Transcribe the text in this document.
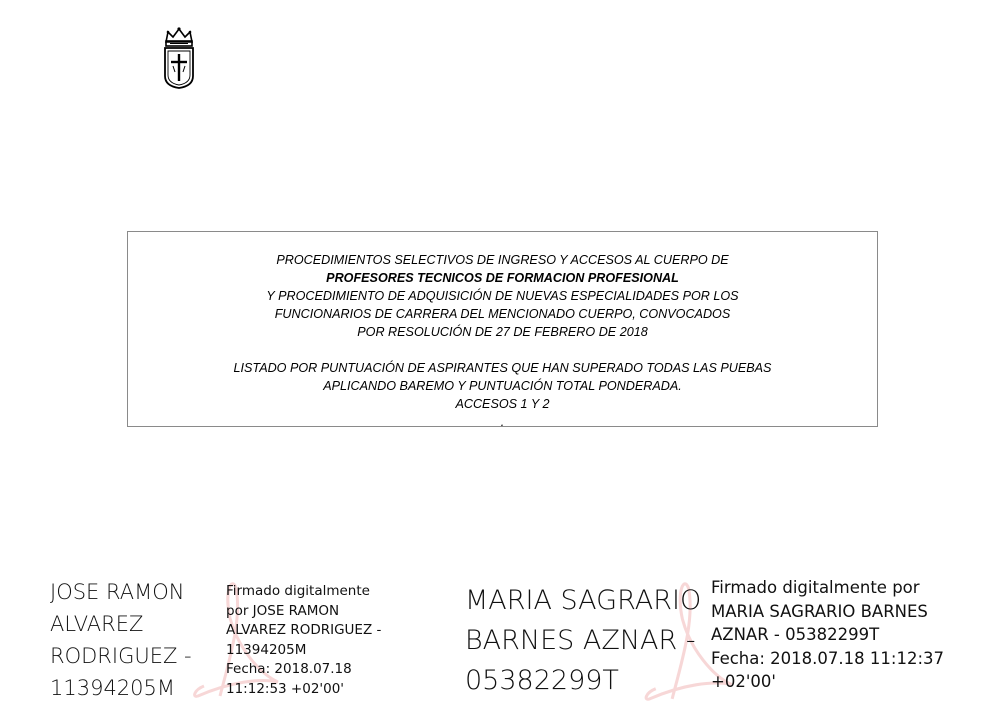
PROCEDIMIENTOS SELECTIVOS DE INGRESO Y ACCESOS AL CUERPO DE
PROFESORES TECNICOS DE FORMACION PROFESIONAL
Y PROCEDIMIENTO DE ADQUISICIÓN DE NUEVAS ESPECIALIDADES POR LOS
FUNCIONARIOS DE CARRERA DEL MENCIONADO CUERPO, CONVOCADOS
POR RESOLUCIÓN DE 27 DE FEBRERO DE 2018
LISTADO POR PUNTUACIÓN DE ASPIRANTES QUE HAN SUPERADO TODAS LAS PUEBAS
APLICANDO BAREMO Y PUNTUACIÓN TOTAL PONDERADA.
ACCESOS 1 Y 2
.
JOSE RAMON
ALVAREZ
RODRIGUEZ -
11394205M
Firmado digitalmente
por JOSE RAMON
ALVAREZ RODRIGUEZ -
11394205M
Fecha: 2018.07.18
11:12:53 +02'00'
MARIA SAGRARIO
BARNES AZNAR -
05382299T
Firmado digitalmente por
MARIA SAGRARIO BARNES
AZNAR - 05382299T
Fecha: 2018.07.18 11:12:37
+02'00'
